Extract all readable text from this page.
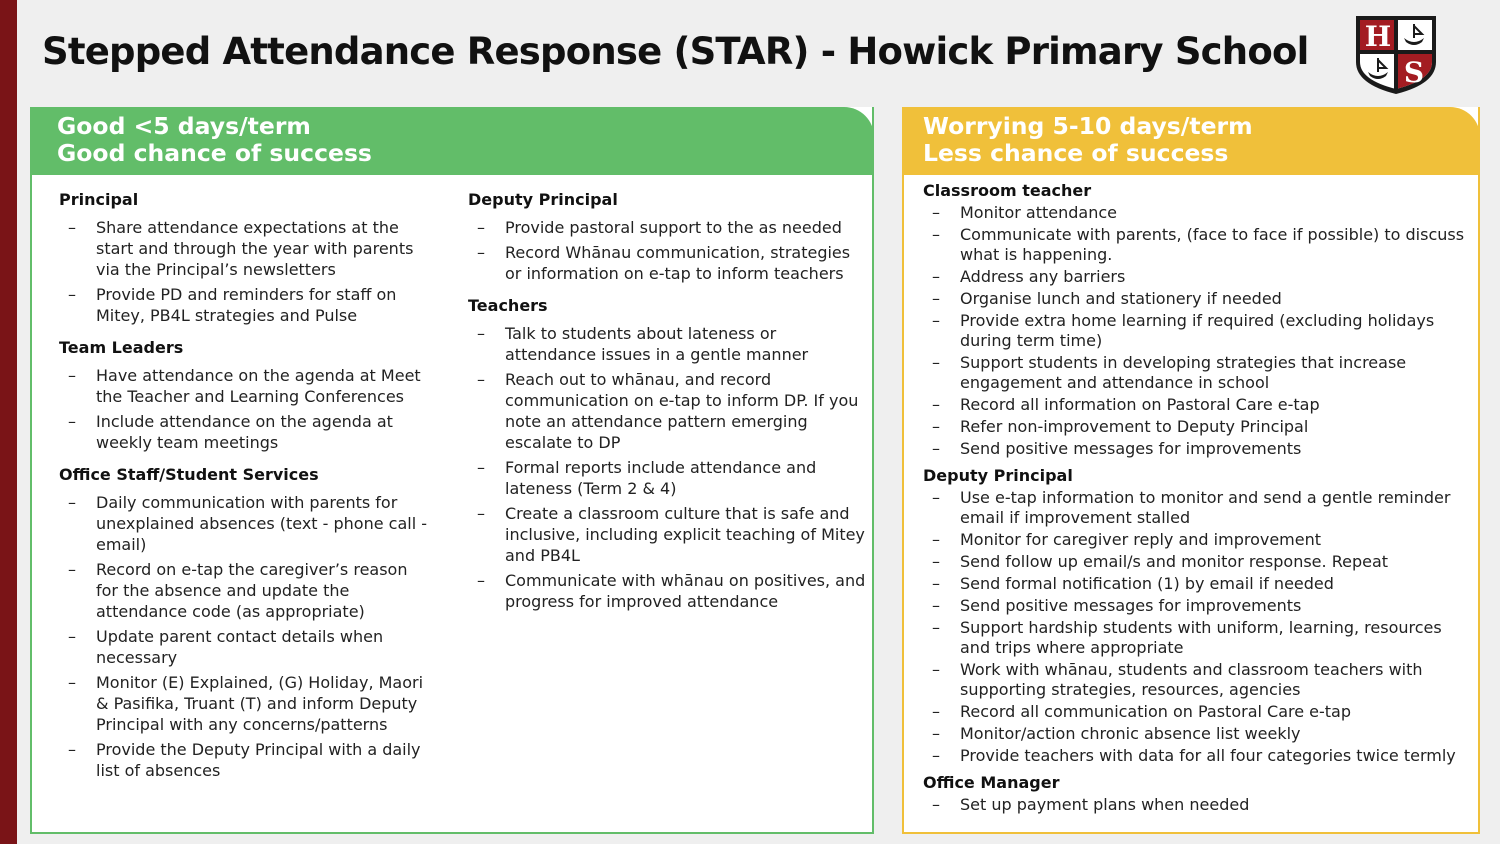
Stepped Attendance Response (STAR) - Howick Primary School H
S
Good <5 days/term
Good chance of success
Principal
– Share attendance expectations at the start and through the year with parents via the Principal’s newsletters
– Provide PD and reminders for staff on Mitey, PB4L strategies and Pulse
Team Leaders
– Have attendance on the agenda at Meet the Teacher and Learning Conferences
– Include attendance on the agenda at weekly team meetings
Office Staff/Student Services
– Daily communication with parents for unexplained absences (text - phone call - email)
– Record on e-tap the caregiver’s reason for the absence and update the attendance code (as appropriate)
– Update parent contact details when necessary
– Monitor (E) Explained, (G) Holiday, Maori & Pasifika, Truant (T) and inform Deputy Principal with any concerns/patterns
– Provide the Deputy Principal with a daily list of absences
Deputy Principal
– Provide pastoral support to the as needed
– Record Whānau communication, strategies or information on e-tap to inform teachers
Teachers
– Talk to students about lateness or attendance issues in a gentle manner
– Reach out to whānau, and record communication on e-tap to inform DP. If you note an attendance pattern emerging escalate to DP
– Formal reports include attendance and lateness (Term 2 & 4)
– Create a classroom culture that is safe and inclusive, including explicit teaching of Mitey and PB4L
– Communicate with whānau on positives, and progress for improved attendance
Worrying 5-10 days/term
Less chance of success
Classroom teacher
– Monitor attendance
– Communicate with parents, (face to face if possible) to discuss what is happening.
– Address any barriers
– Organise lunch and stationery if needed
– Provide extra home learning if required (excluding holidays during term time)
– Support students in developing strategies that increase engagement and attendance in school
– Record all information on Pastoral Care e-tap
– Refer non-improvement to Deputy Principal
– Send positive messages for improvements
Deputy Principal
– Use e-tap information to monitor and send a gentle reminder email if improvement stalled
– Monitor for caregiver reply and improvement
– Send follow up email/s and monitor response. Repeat
– Send formal notification (1) by email if needed
– Send positive messages for improvements
– Support hardship students with uniform, learning, resources and trips where appropriate
– Work with whānau, students and classroom teachers with supporting strategies, resources, agencies
– Record all communication on Pastoral Care e-tap
– Monitor/action chronic absence list weekly
– Provide teachers with data for all four categories twice termly
Office Manager
– Set up payment plans when needed
